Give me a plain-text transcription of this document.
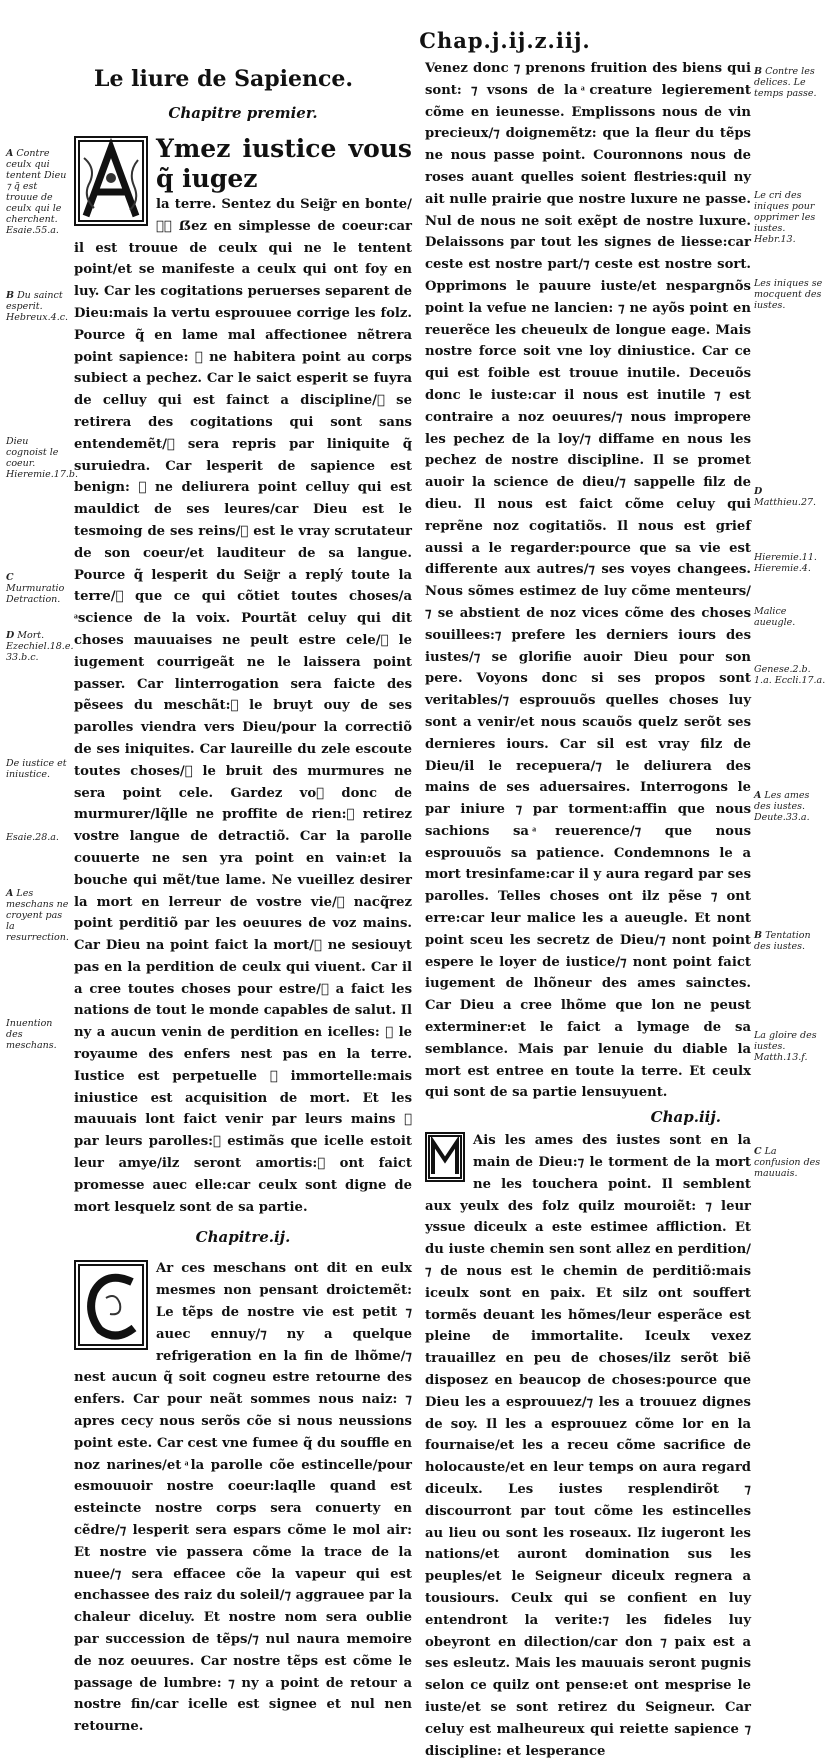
Chap.j.ij.z.iij.
Le liure de Sapience.
Chapitre premier.

Ymez iustice vous q̃ iugez

la terre. Sentez du Seig͂r en bonte/⁊ͥ ẞez en simplesse de coeur:car il est trouue de ceulx qui ne le tentent point/et se manifeste a ceulx qui ont foy en luy. Car les cogitations peruerses separent de Dieu:mais la vertu esprouuee corrige les folz. Pource q̃ en lame mal affectionee nẽtrera point sapience: ⁊ ne habitera point au corps subiect a pechez. Car le saict esperit se fuyra de celluy qui est fainct a discipline/⁊ se retirera des cogitations qui sont sans entendemẽt/⁊ sera repris par liniquite q̃ suruiedra. Car lesperit de sapience est benign: ⁊ ne deliurera point celluy qui est mauldict de ses leures/car Dieu est le tesmoing de ses reins/⁊ est le vray scrutateur de son coeur/et lauditeur de sa langue. Pource q̃ lesperit du Seig͂r a replý toute la terre/⁊ que ce qui cõtiet toutes choses/a ͣscience de la voix. Pourtãt celuy qui dit choses mauuaises ne peult estre cele/⁊ le iugement courrigeãt ne le laissera point passer. Car linterrogation sera faicte des pẽsees du meschãt:⁊ le bruyt ouy de ses parolles viendra vers Dieu/pour la correctiõ de ses iniquites. Car laureille du zele escoute toutes choses/⁊ le bruit des murmures ne sera point cele. Gardez vo᷑ donc de murmurer/lq̃lle ne proffite de rien:⁊ retirez vostre langue de detractiõ. Car la parolle couuerte ne sen yra point en vain:et la bouche qui mẽt/tue lame. Ne vueillez desirer la mort en lerreur de vostre vie/⁊ nacq̃rez point perditiõ par les oeuures de voz mains. Car Dieu na point faict la mort/⁊ ne sesiouyt pas en la perdition de ceulx qui viuent. Car il a cree toutes choses pour estre/⁊ a faict les nations de tout le monde capables de salut. Il ny a aucun venin de perdition en icelles: ⁊ le royaume des enfers nest pas en la terre. Iustice est perpetuelle ⁊ immortelle:mais iniustice est acquisition de mort. Et les mauuais lont faict venir par leurs mains ⁊ par leurs parolles:⁊ estimãs que icelle estoit leur amye/ilz seront amortis:⁊ ont faict promesse auec elle:car ceulx sont digne de mort lesquelz sont de sa partie.

Chapitre.ij.

Ar ces meschans ont dit en eulx mesmes non pensant droictemẽt: Le tẽps de nostre vie est petit ⁊ auec ennuy/⁊ ny a quelque refrigeration en la fin de lhõme/⁊ nest aucun q̃ soit cogneu estre retourne des enfers. Car pour neãt sommes nous naiz: ⁊ apres cecy nous serõs cõe si nous neussions point este. Car cest vne fumee q̃ du souffle en noz narines/et ͣla parolle cõe estincelle/pour esmouuoir nostre coeur:laqlle quand est esteincte nostre corps sera conuerty en cẽdre/⁊ lesperit sera espars cõme le mol air: Et nostre vie passera cõme la trace de la nuee/⁊ sera effacee cõe la vapeur qui est enchassee des raiz du soleil/⁊ aggrauee par la chaleur diceluy. Et nostre nom sera oublie par succession de tẽps/⁊ nul naura memoire de noz oeuures. Car nostre tẽps est cõme le passage de lumbre: ⁊ ny a point de retour a nostre fin/car icelle est signee et nul nen retourne.

Venez donc ⁊ prenons fruition des biens qui sont: ⁊ vsons de la ͣcreature legierement cõme en ieunesse. Emplissons nous de vin precieux/⁊ doignemẽtz: que la fleur du tẽps ne nous passe point. Couronnons nous de roses auant quelles soient flestries:quil ny ait nulle prairie que nostre luxure ne passe. Nul de nous ne soit exẽpt de nostre luxure. Delaissons par tout les signes de liesse:car ceste est nostre part/⁊ ceste est nostre sort. Opprimons le pauure iuste/et nespargnõs point la vefue ne lancien: ⁊ ne ayõs point en reuerẽce les cheueulx de longue eage. Mais nostre force soit vne loy diniustice. Car ce qui est foible est trouue inutile. Deceuõs donc le iuste:car il nous est inutile ⁊ est contraire a noz oeuures/⁊ nous impropere les pechez de la loy/⁊ diffame en nous les pechez de nostre discipline. Il se promet auoir la science de dieu/⁊ sappelle filz de dieu. Il nous est faict cõme celuy qui reprẽne noz cogitatiõs. Il nous est grief aussi a le regarder:pource que sa vie est differente aux autres/⁊ ses voyes changees. Nous sõmes estimez de luy cõme menteurs/⁊ se abstient de noz vices cõme des choses souillees:⁊ prefere les derniers iours des iustes/⁊ se glorifie auoir Dieu pour son pere. Voyons donc si ses propos sont veritables/⁊ esprouuõs quelles choses luy sont a venir/et nous scauõs quelz serõt ses dernieres iours. Car sil est vray filz de Dieu/il le recepuera/⁊ le deliurera des mains de ses aduersaires. Interrogons le par iniure ⁊ par torment:affin que nous sachions sa ͣreuerence/⁊ que nous esprouuõs sa patience. Condemnons le a mort tresinfame:car il y aura regard par ses parolles. Telles choses ont ilz pẽse ⁊ ont erre:car leur malice les a aueugle. Et nont point sceu les secretz de Dieu/⁊ nont point espere le loyer de iustice/⁊ nont point faict iugement de lhõneur des ames sainctes. Car Dieu a cree lhõme que lon ne peust exterminer:et le faict a lymage de sa semblance. Mais par lenuie du diable la mort est entree en toute la terre. Et ceulx qui sont de sa partie lensuyuent.

Chap.iij.

Ais les ames des iustes sont en la main de Dieu:⁊ le torment de la mort ne les touchera point. Il semblent aux yeulx des folz quilz mouroiẽt: ⁊ leur yssue diceulx a este estimee affliction. Et du iuste chemin sen sont allez en perdition/⁊ de nous est le chemin de perditiõ:mais iceulx sont en paix. Et silz ont souffert tormẽs deuant les hõmes/leur esperãce est pleine de immortalite. Iceulx vexez trauaillez en peu de choses/ilz serõt biẽ disposez en beaucop de choses:pource que Dieu les a esprouuez/⁊ les a trouuez dignes de soy. Il les a esprouuez cõme lor en la fournaise/et les a receu cõme sacrifice de holocauste/et en leur temps on aura regard diceulx. Les iustes resplendirõt ⁊ discourront par tout cõme les estincelles au lieu ou sont les roseaux. Ilz iugeront les nations/et auront domination sus les peuples/et le Seigneur diceulx regnera a tousiours. Ceulx qui se confient en luy entendront la verite:⁊ les fideles luy obeyront en dilection/car don ⁊ paix est a ses esleutz. Mais les mauuais seront pugnis selon ce quilz ont pense:et ont mesprise le iuste/et se sont retirez du Seigneur. Car celuy est malheureux qui reiette sapience ⁊ discipline: et lesperance

A Contre ceulx qui tentent Dieu ⁊ q̃ est trouue de ceulx qui le cherchent. Esaie.55.a.
B Du sainct esperit. Hebreux.4.c.
Dieu cognoist le coeur. Hieremie.17.b.
C Murmuratio Detraction.
D Mort. Ezechiel.18.e. 33.b.c.
De iustice et iniustice.
Esaie.28.a.
A Les meschans ne croyent pas la resurrection.
Inuention des meschans.
B Contre les delices. Le temps passe.
Le cri des iniques pour opprimer les iustes. Hebr.13.
Les iniques se mocquent des iustes.
D Matthieu.27.
Hieremie.11. Hieremie.4.
Malice aueugle.
Genese.2.b. 1.a. Eccli.17.a.
A Les ames des iustes. Deute.33.a.
B Tentation des iustes.
La gloire des iustes. Matth.13.f.
C La confusion des mauuais.
